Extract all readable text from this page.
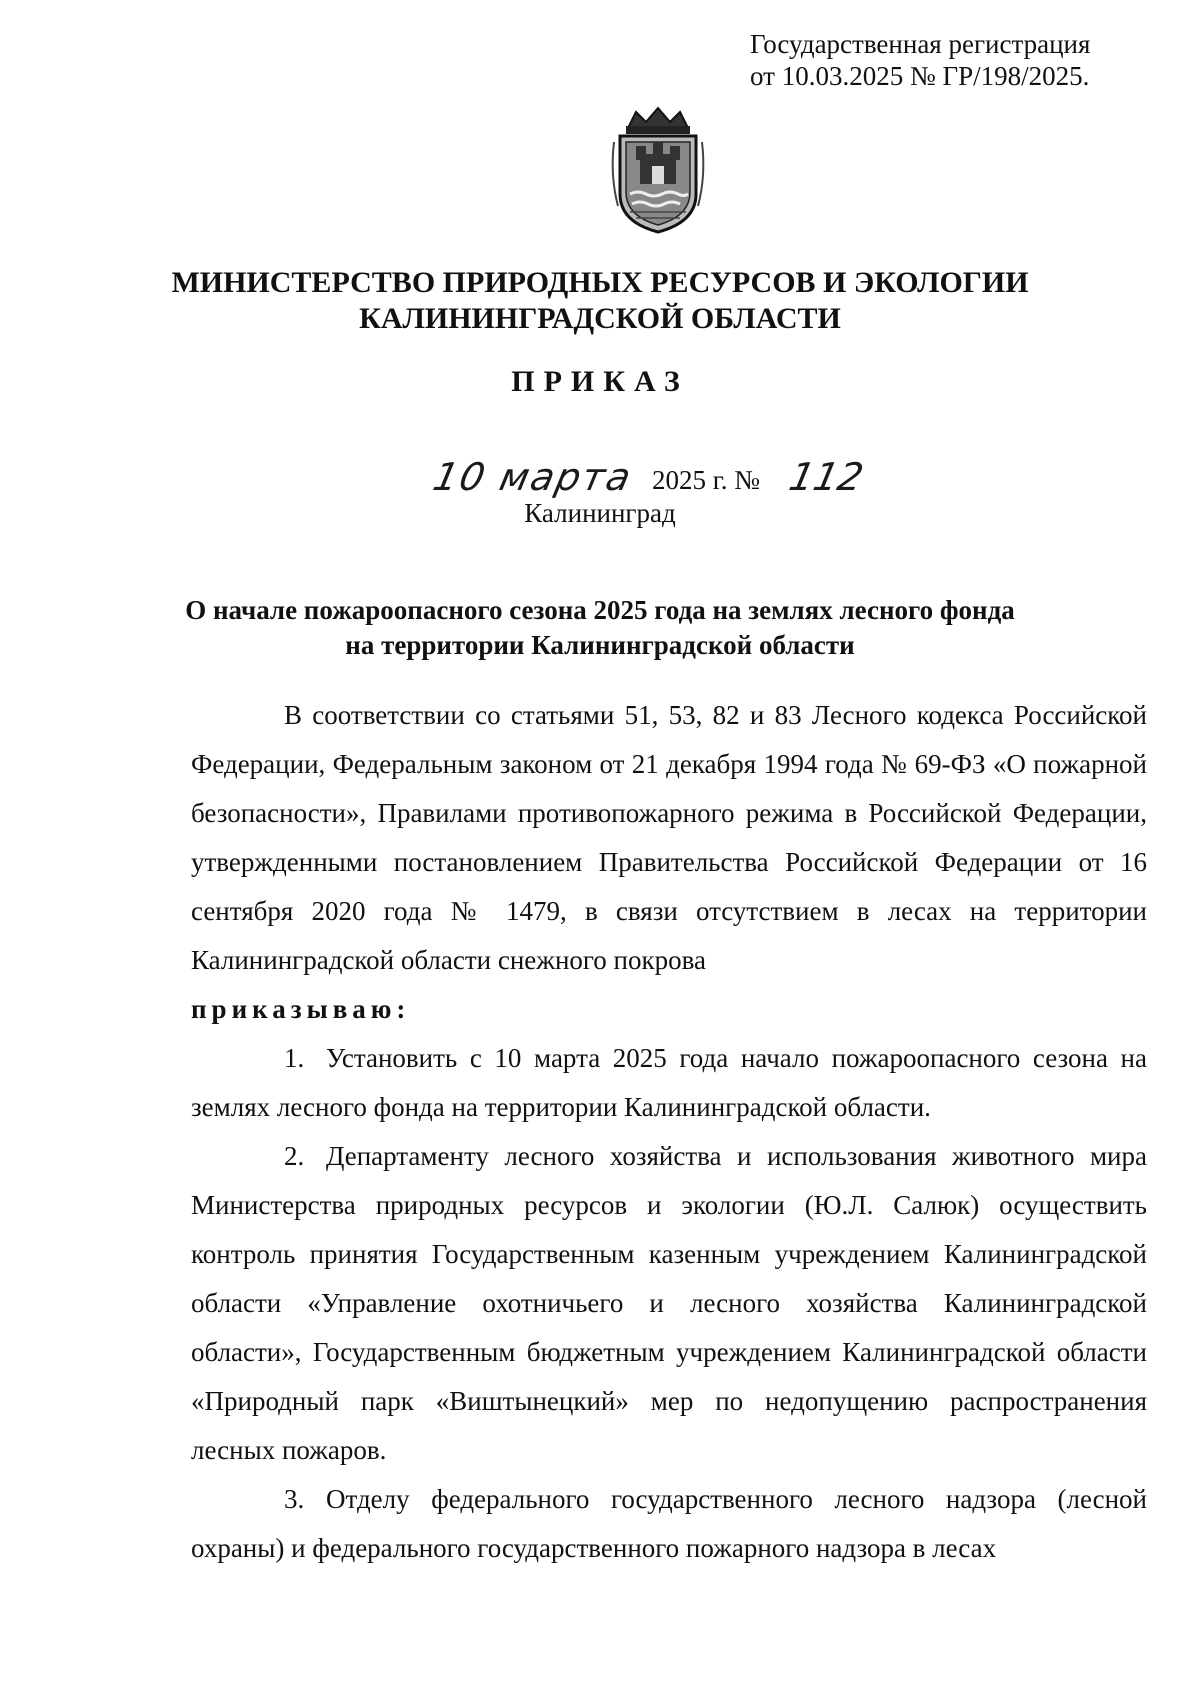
Государственная регистрация
от 10.03.2025 № ГР/198/2025.
МИНИСТЕРСТВО ПРИРОДНЫХ РЕСУРСОВ И ЭКОЛОГИИ
КАЛИНИНГРАДСКОЙ ОБЛАСТИ
ПРИКАЗ
10 марта 2025 г. № 112
Калининград
О начале пожароопасного сезона 2025 года на землях лесного фонда
на территории Калининградской области

В соответствии со статьями 51, 53, 82 и 83 Лесного кодекса Российской Федерации, Федеральным законом от 21 декабря 1994 года № 69-ФЗ «О пожарной безопасности», Правилами противопожарного режима в Российской Федерации, утвержденными постановлением Правительства Российской Федерации от 16 сентября 2020 года № 1479, в связи отсутствием в лесах на территории Калининградской области снежного покрова

приказываю:

1. Установить с 10 марта 2025 года начало пожароопасного сезона на землях лесного фонда на территории Калининградской области.

2. Департаменту лесного хозяйства и использования животного мира Министерства природных ресурсов и экологии (Ю.Л. Салюк) осуществить контроль принятия Государственным казенным учреждением Калининградской области «Управление охотничьего и лесного хозяйства Калининградской области», Государственным бюджетным учреждением Калининградской области «Природный парк «Виштынецкий» мер по недопущению распространения лесных пожаров.

3. Отделу федерального государственного лесного надзора (лесной охраны) и федерального государственного пожарного надзора в лесах
